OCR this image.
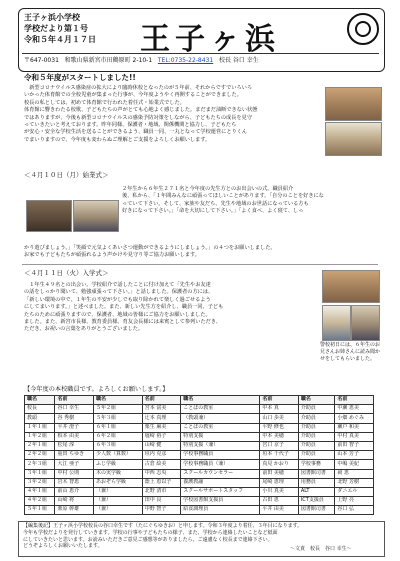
王子ヶ浜小学校
学校だより第１号
令和５年４月１７日 王子ヶ浜
〒647-0031 和歌山県新宮市田鶴原町 2-10-1 TEL:0735-22-8431 校長 谷口 幸生
令和５年度がスタートしました!!
　新型コロナウイルス感染症の拡大により臨時休校となったのが５年前、それからですでいろいろ
いかった体育館での全校児童が集まった行事が、今年度ようやく再開することができました。
校長の私としては、初めて体育館で行われた着任式・始業式でした。
体育館に響きわたる校歌、子どもたちの声がとても心地よく感じました。まだまだ油断できない状態
ではありますが、今後も新型コロナウイルスの感染予防対策をしながら、子どもたちの成長を見守
っていきたいと考えております。昨年同様、保護者・地域、関係機関と協力し、子どもたち
が安心・安全な学校生活を送ることができるよう、職員一同、一丸となって学校運営にとりくん
でまいりますので、今年度も変わらぬご理解とご支援をよろしくお願いします。
＜４月１０日（月）始業式＞
２年生から６年生２７１名と今年度の先生方とのお出会いの式。職員紹介
後、私から、「１年間みんなに頑張ってほしいことがあります。「自分のことを好きにな
っていて下さい。そして、家族や友だち、先生や地域のお世話になっている方も
好きになって下さい。」「命を大切にして下さい。」「よく食べ、よく寝て、しっ
かり遊びましょう。」「笑顔で元気よくあいさつ運動ができるようにしましょう。」の４つをお願いしました。
お家でも子どもたちが頑張れるよう声かけや見守り等ご協力お願いします。
＜４月１１日（火）入学式＞
　１年生４９名との出会い。学校紹介で話したことに付け加えて「先生やお友達
の話をしっかり聞いて、勉強頑張って下さい。」と話しました。保護者の方には、
「新しい環境の中で、１年生の不安が少しでも取り除かれて楽しく過ごせるよう
にしてまいります。」と述べました。また、新しい先生方を紹介し、職員一同、子ども
たちのために頑張りますので、保護者、地域の皆様にご協力をお願いしました。
ました。また、新宮市長様、教育委員様、育友会長様には来賓として参列いただき、
ただき、お祝いの言葉をありがとうございました。
警校初日には、６年生のお兄さんお姉さんに読み聞かせをしてもらいました。
【今年度の本校職員です。よろしくお願いします。】
職名	名前	職名	名前	職名	名前	職名	名前
校長	谷口 幸生	５年２組	宮本 富美	ことばの教室	中本 真	介助員	中瀬 恵美
教頭	谷 秀樹	５年３組	辻本 真理	（教頭兼）	山口 歩美	介助員	小畑 めぐみ
１年１組	平井 澄子	６年１組	栗生 麻美	ことばの教室	平野 修也	介助員	瀬戸 和美
１年２組	柏本 由美	６年２組	塩崎 裕子	特別支援	中本 美穂	介助員	中村 真美
２年１組	松尾 淳	６年３組	山崎 健	特別支援（兼）	宮口 京子	介助員	前田 智子
２年２組	重田 ちゆき	少人数（算数）	垣内 克彦	学校事務職員	垣本 千代子	介助員	山本 芳子
２年３組	大江 亜子	ふじ学級	古倉 絵美	学校事務職員（兼）	真見 かおり	学校事務	中嶋 美紀
３年１組	中村 公則	木の実学級	中西 志央	スクールカウンセラー	前田 美穂	図書館司書	岡 恵
３年２組	岩木 智恵	あおぞら学級	蔭上 恵以子	養護教諭	尾崎 恵理	用務員	北野 芳樹
４年１組	前山 恵介	（兼）	北野 清市	スクールサポートスタッフ	小川 真美	ALT	ダニエル
４年２組	山崎 将	（兼）	田中 良	学校図書館支援員	古田 恵	ICT支援員	上野 亮
５年１組	栗原 幹雄	（兼）	中野 智子	給食調理員	平井 由美	図書館司書	谷口 弘
【編集後記】王子ヶ浜小学校校長の谷口幸生です（たにぐちゆきお）と申します。令和３年度より着任、３年目になります。
今年も学校だよりを発行していきます。学校の行事や子どもたちの様子、また、学校から連絡したいことなど紙面
にしていきたいと思います。お読みいただきご意見ご感想等がありましたら、ご遠慮なく校長まで連絡下さい。
どうぞよろしくお願いいたします。	～文責　校長　谷口 幸生～
